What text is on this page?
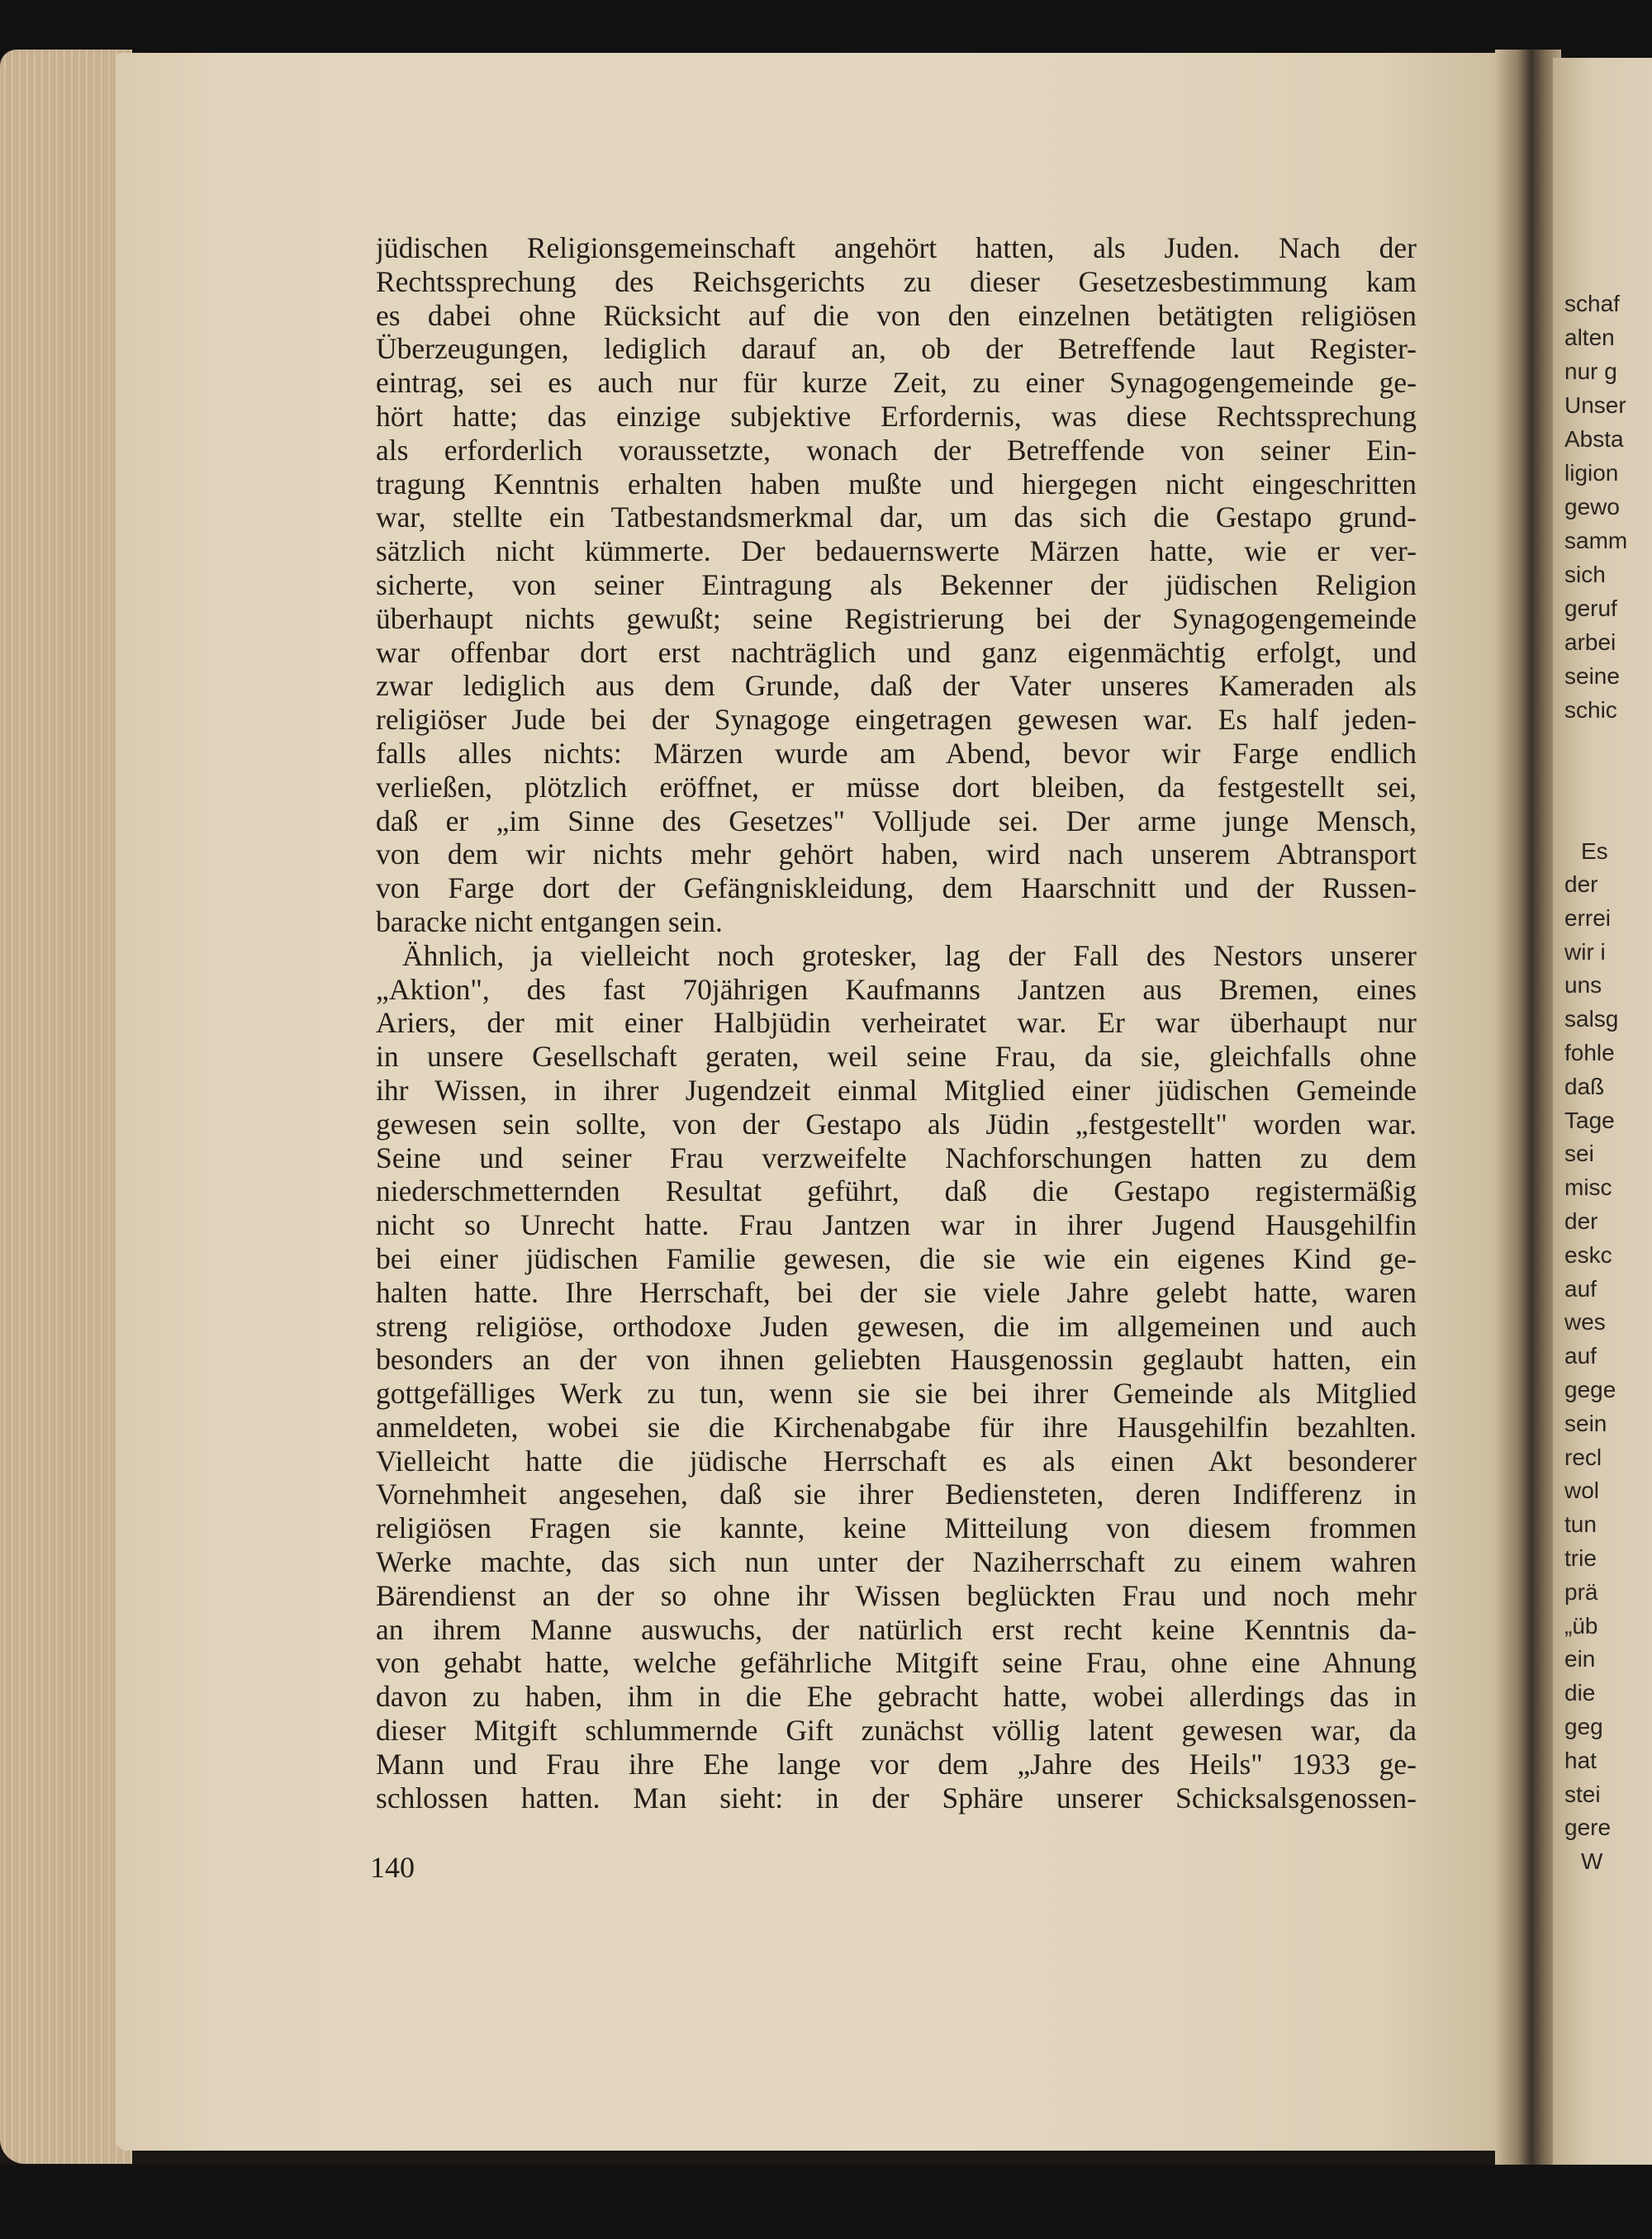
schaf
alten
nur g
Unser
Absta
ligion
gewo
samm
sich
geruf
arbei
seine
schic
Es
der
errei
wir i
uns
salsg
fohle
daß
Tage
sei
misc
der
eskc
auf
wes
auf
gege
sein
recl
wol
tun
trie
prä
„üb
ein
die
geg
hat
stei
gere
W
jüdischen Religionsgemeinschaft angehört hatten, als Juden. Nach der
Rechtssprechung des Reichsgerichts zu dieser Gesetzesbestimmung kam
es dabei ohne Rücksicht auf die von den einzelnen betätigten religiösen
Überzeugungen, lediglich darauf an, ob der Betreffende laut Register-
eintrag, sei es auch nur für kurze Zeit, zu einer Synagogengemeinde ge-
hört hatte; das einzige subjektive Erfordernis, was diese Rechtssprechung
als erforderlich voraussetzte, wonach der Betreffende von seiner Ein-
tragung Kenntnis erhalten haben mußte und hiergegen nicht eingeschritten
war, stellte ein Tatbestandsmerkmal dar, um das sich die Gestapo grund-
sätzlich nicht kümmerte. Der bedauernswerte Märzen hatte, wie er ver-
sicherte, von seiner Eintragung als Bekenner der jüdischen Religion
überhaupt nichts gewußt; seine Registrierung bei der Synagogengemeinde
war offenbar dort erst nachträglich und ganz eigenmächtig erfolgt, und
zwar lediglich aus dem Grunde, daß der Vater unseres Kameraden als
religiöser Jude bei der Synagoge eingetragen gewesen war. Es half jeden-
falls alles nichts: Märzen wurde am Abend, bevor wir Farge endlich
verließen, plötzlich eröffnet, er müsse dort bleiben, da festgestellt sei,
daß er „im Sinne des Gesetzes" Volljude sei. Der arme junge Mensch,
von dem wir nichts mehr gehört haben, wird nach unserem Abtransport
von Farge dort der Gefängniskleidung, dem Haarschnitt und der Russen-
baracke nicht entgangen sein.
Ähnlich, ja vielleicht noch grotesker, lag der Fall des Nestors unserer
„Aktion", des fast 70jährigen Kaufmanns Jantzen aus Bremen, eines
Ariers, der mit einer Halbjüdin verheiratet war. Er war überhaupt nur
in unsere Gesellschaft geraten, weil seine Frau, da sie, gleichfalls ohne
ihr Wissen, in ihrer Jugendzeit einmal Mitglied einer jüdischen Gemeinde
gewesen sein sollte, von der Gestapo als Jüdin „festgestellt" worden war.
Seine und seiner Frau verzweifelte Nachforschungen hatten zu dem
niederschmetternden Resultat geführt, daß die Gestapo registermäßig
nicht so Unrecht hatte. Frau Jantzen war in ihrer Jugend Hausgehilfin
bei einer jüdischen Familie gewesen, die sie wie ein eigenes Kind ge-
halten hatte. Ihre Herrschaft, bei der sie viele Jahre gelebt hatte, waren
streng religiöse, orthodoxe Juden gewesen, die im allgemeinen und auch
besonders an der von ihnen geliebten Hausgenossin geglaubt hatten, ein
gottgefälliges Werk zu tun, wenn sie sie bei ihrer Gemeinde als Mitglied
anmeldeten, wobei sie die Kirchenabgabe für ihre Hausgehilfin bezahlten.
Vielleicht hatte die jüdische Herrschaft es als einen Akt besonderer
Vornehmheit angesehen, daß sie ihrer Bediensteten, deren Indifferenz in
religiösen Fragen sie kannte, keine Mitteilung von diesem frommen
Werke machte, das sich nun unter der Naziherrschaft zu einem wahren
Bärendienst an der so ohne ihr Wissen beglückten Frau und noch mehr
an ihrem Manne auswuchs, der natürlich erst recht keine Kenntnis da-
von gehabt hatte, welche gefährliche Mitgift seine Frau, ohne eine Ahnung
davon zu haben, ihm in die Ehe gebracht hatte, wobei allerdings das in
dieser Mitgift schlummernde Gift zunächst völlig latent gewesen war, da
Mann und Frau ihre Ehe lange vor dem „Jahre des Heils" 1933 ge-
schlossen hatten. Man sieht: in der Sphäre unserer Schicksalsgenossen-
140
